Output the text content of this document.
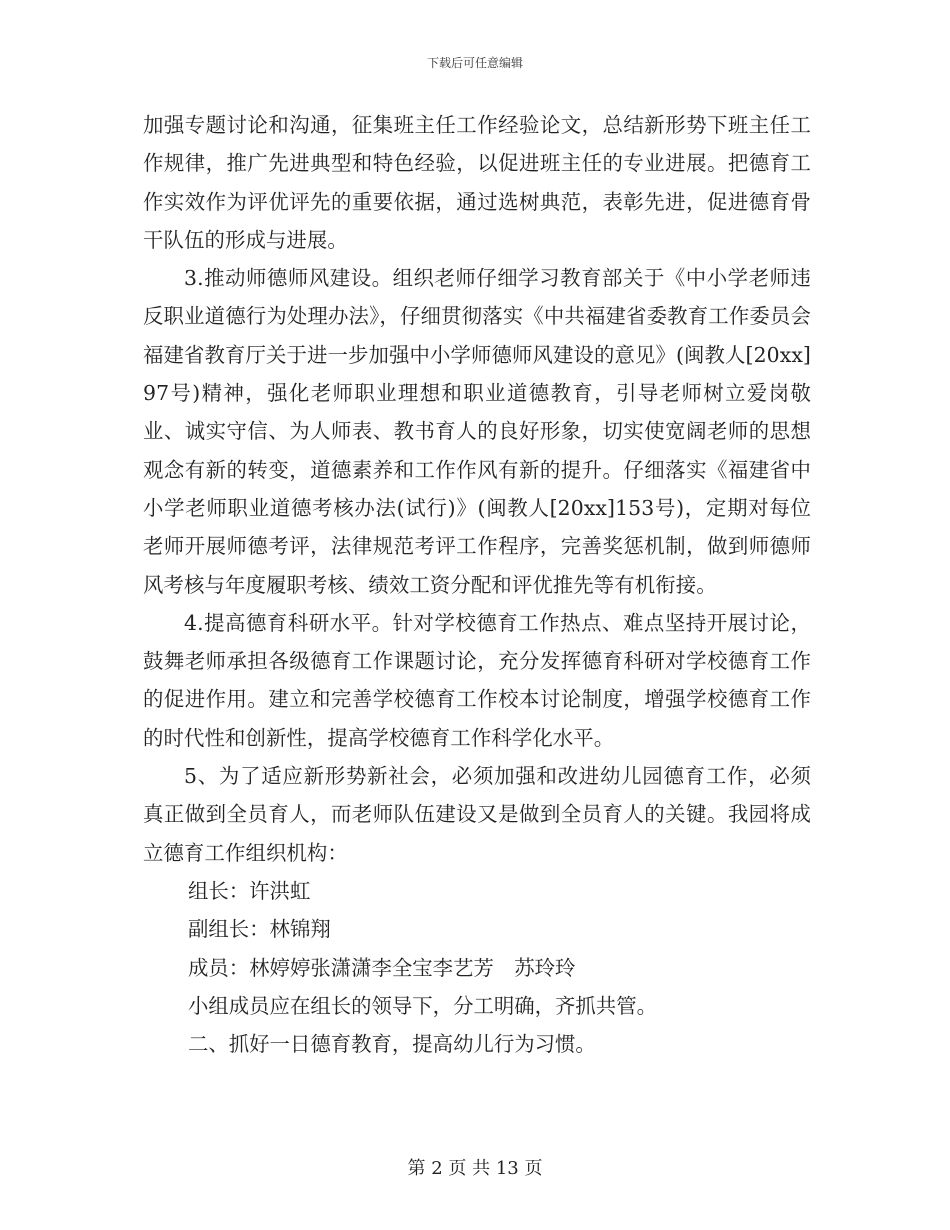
下载后可任意编辑

加强专题讨论和沟通，征集班主任工作经验论文，总结新形势下班主任工作规律，推广先进典型和特色经验，以促进班主任的专业进展。把德育工作实效作为评优评先的重要依据，通过选树典范，表彰先进，促进德育骨干队伍的形成与进展。

3.推动师德师风建设。组织老师仔细学习教育部关于《中小学老师违反职业道德行为处理办法》，仔细贯彻落实《中共福建省委教育工作委员会 福建省教育厅关于进一步加强中小学师德师风建设的意见》(闽教人[20xx]97号)精神，强化老师职业理想和职业道德教育，引导老师树立爱岗敬业、诚实守信、为人师表、教书育人的良好形象，切实使宽阔老师的思想观念有新的转变，道德素养和工作作风有新的提升。仔细落实《福建省中小学老师职业道德考核办法(试行)》(闽教人[20xx]153号)，定期对每位老师开展师德考评，法律规范考评工作程序，完善奖惩机制，做到师德师风考核与年度履职考核、绩效工资分配和评优推先等有机衔接。

4.提高德育科研水平。针对学校德育工作热点、难点坚持开展讨论，鼓舞老师承担各级德育工作课题讨论，充分发挥德育科研对学校德育工作的促进作用。建立和完善学校德育工作校本讨论制度，增强学校德育工作的时代性和创新性，提高学校德育工作科学化水平。

5、为了适应新形势新社会，必须加强和改进幼儿园德育工作，必须真正做到全员育人，而老师队伍建设又是做到全员育人的关键。我园将成立德育工作组织机构：

组长：许洪虹

副组长：林锦翔

成员：林婷婷张潇潇李全宝李艺芳　苏玲玲

小组成员应在组长的领导下，分工明确，齐抓共管。

二、抓好一日德育教育，提高幼儿行为习惯。

第 2 页 共 13 页
